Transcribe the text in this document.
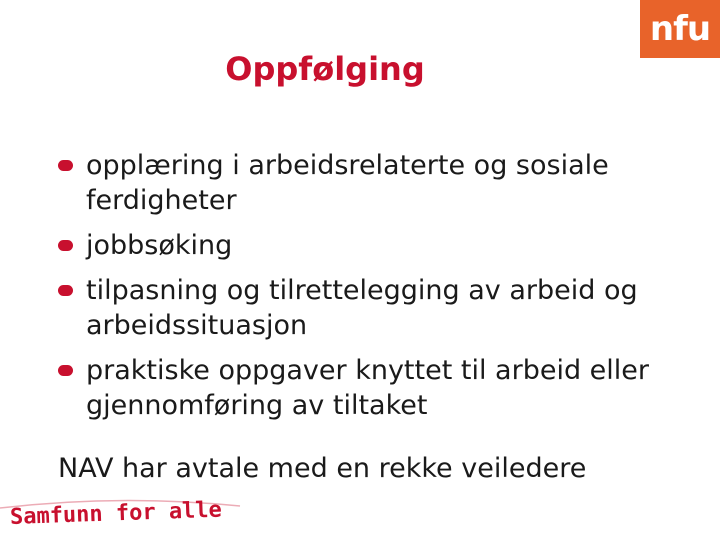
nfu
Oppfølging
opplæring i arbeidsrelaterte og sosiale ferdigheter
jobbsøking
tilpasning og tilrettelegging av arbeid og arbeidssituasjon
praktiske oppgaver knyttet til arbeid eller gjennomføring av tiltaket
NAV har avtale med en rekke veiledere
Samfunn for alle
